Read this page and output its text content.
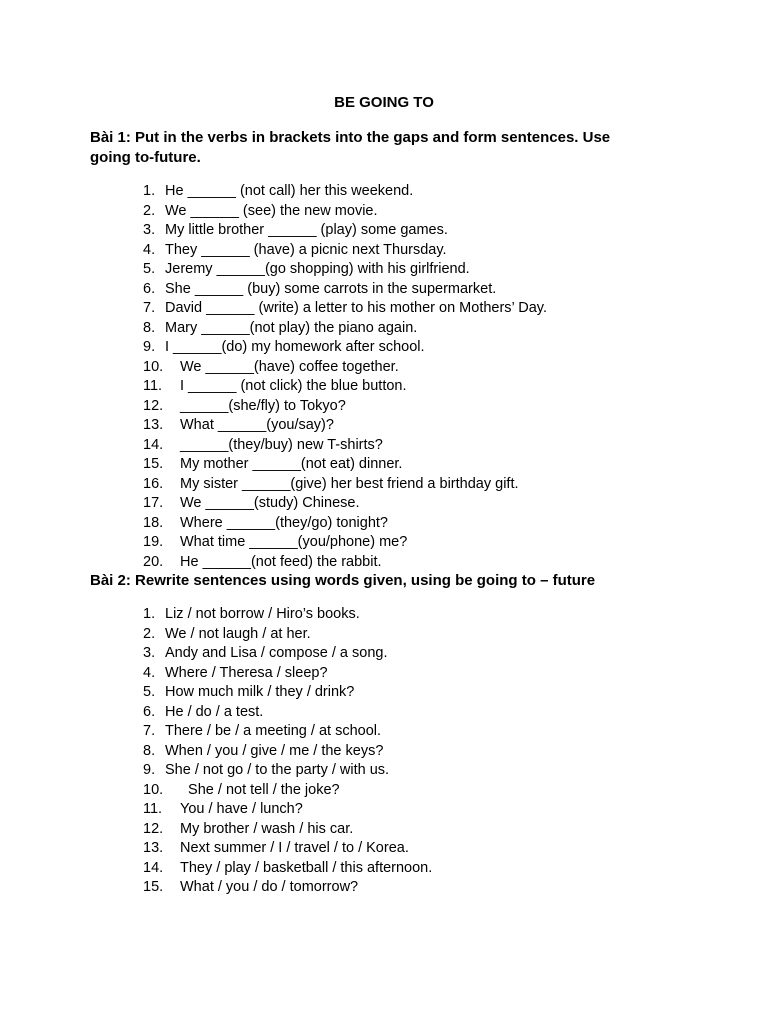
BE GOING TO
Bài 1: Put in the verbs in brackets into the gaps and form sentences. Use
going to-future.
1. He ______ (not call) her this weekend.
2. We ______ (see) the new movie.
3. My little brother ______ (play) some games.
4. They ______ (have) a picnic next Thursday.
5. Jeremy ______(go shopping) with his girlfriend.
6. She ______ (buy) some carrots in the supermarket.
7. David ______ (write) a letter to his mother on Mothers’ Day.
8. Mary ______(not play) the piano again.
9. I ______(do) my homework after school.
10. We ______(have) coffee together.
11. I ______ (not click) the blue button.
12. ______(she/fly) to Tokyo?
13. What ______(you/say)?
14. ______(they/buy) new T-shirts?
15. My mother ______(not eat) dinner.
16. My sister ______(give) her best friend a birthday gift.
17. We ______(study) Chinese.
18. Where ______(they/go) tonight?
19. What time ______(you/phone) me?
20. He ______(not feed) the rabbit.
Bài 2: Rewrite sentences using words given, using be going to – future
1. Liz / not borrow / Hiro’s books.
2. We / not laugh / at her.
3. Andy and Lisa / compose / a song.
4. Where / Theresa / sleep?
5. How much milk / they / drink?
6. He / do / a test.
7. There / be / a meeting / at school.
8. When / you / give / me / the keys?
9. She / not go / to the party / with us.
10.  She / not tell / the joke?
11. You / have / lunch?
12. My brother / wash / his car.
13. Next summer / I / travel / to / Korea.
14. They / play / basketball / this afternoon.
15. What / you / do / tomorrow?
